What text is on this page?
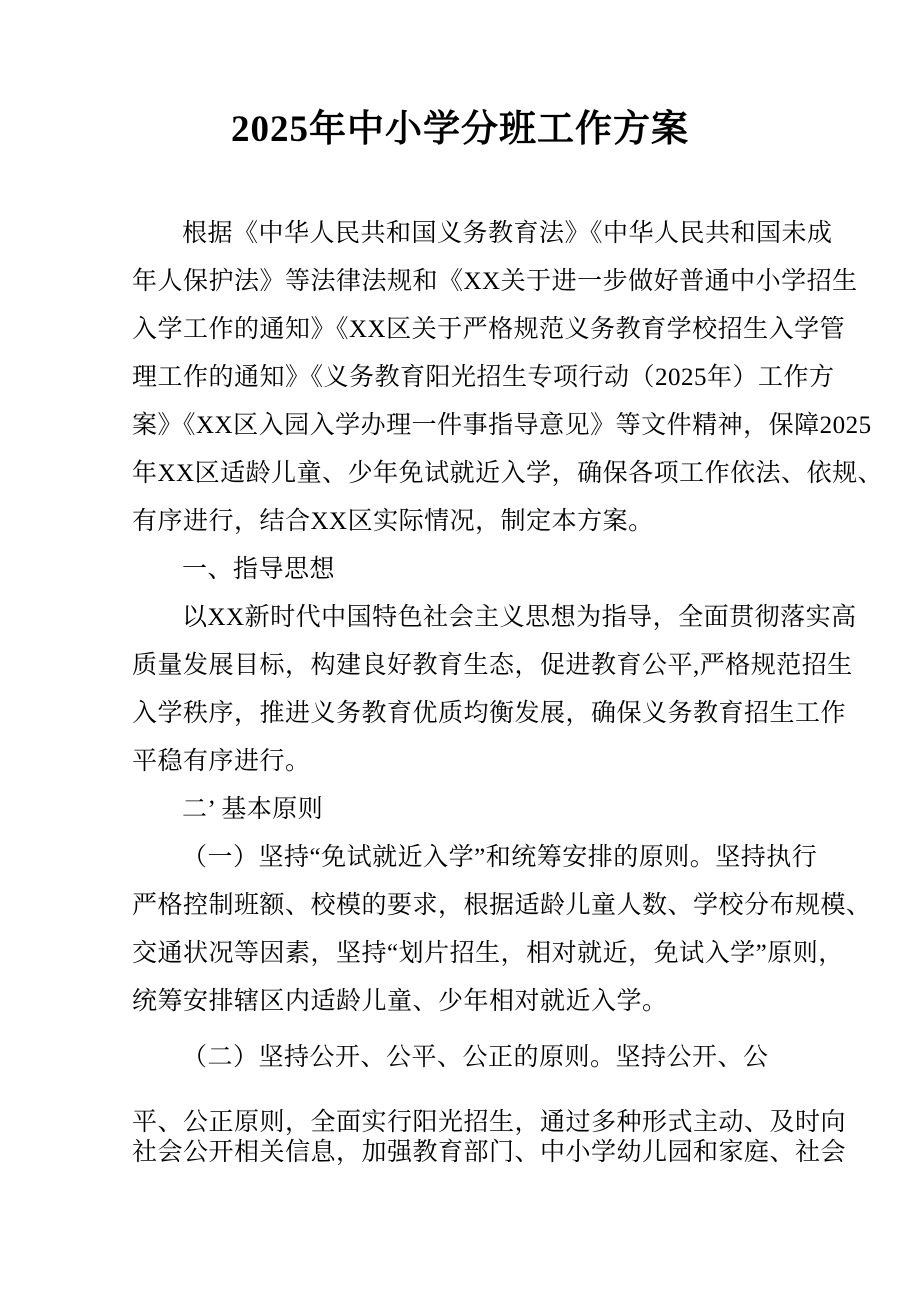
2025年中小学分班工作方案
根据《中华人民共和国义务教育法》《中华人民共和国未成
年人保护法》等法律法规和《XX关于进一步做好普通中小学招生
入学工作的通知》《XX区关于严格规范义务教育学校招生入学管
理工作的通知》《义务教育阳光招生专项行动（2025年）工作方
案》《XX区入园入学办理一件事指导意见》等文件精神，保障2025
年XX区适龄儿童、少年免试就近入学，确保各项工作依法、依规、
有序进行，结合XX区实际情况，制定本方案。
一、指导思想
以XX新时代中国特色社会主义思想为指导，全面贯彻落实高
质量发展目标，构建良好教育生态，促进教育公平,严格规范招生
入学秩序，推进义务教育优质均衡发展，确保义务教育招生工作
平稳有序进行。
二’ 基本原则
（一）坚持“免试就近入学”和统筹安排的原则。坚持执行
严格控制班额、校模的要求，根据适龄儿童人数、学校分布规模、
交通状况等因素，坚持“划片招生，相对就近，免试入学”原则，
统筹安排辖区内适龄儿童、少年相对就近入学。
（二）坚持公开、公平、公正的原则。坚持公开、公
平、公正原则，全面实行阳光招生，通过多种形式主动、及时向
社会公开相关信息，加强教育部门、中小学幼儿园和家庭、社会
